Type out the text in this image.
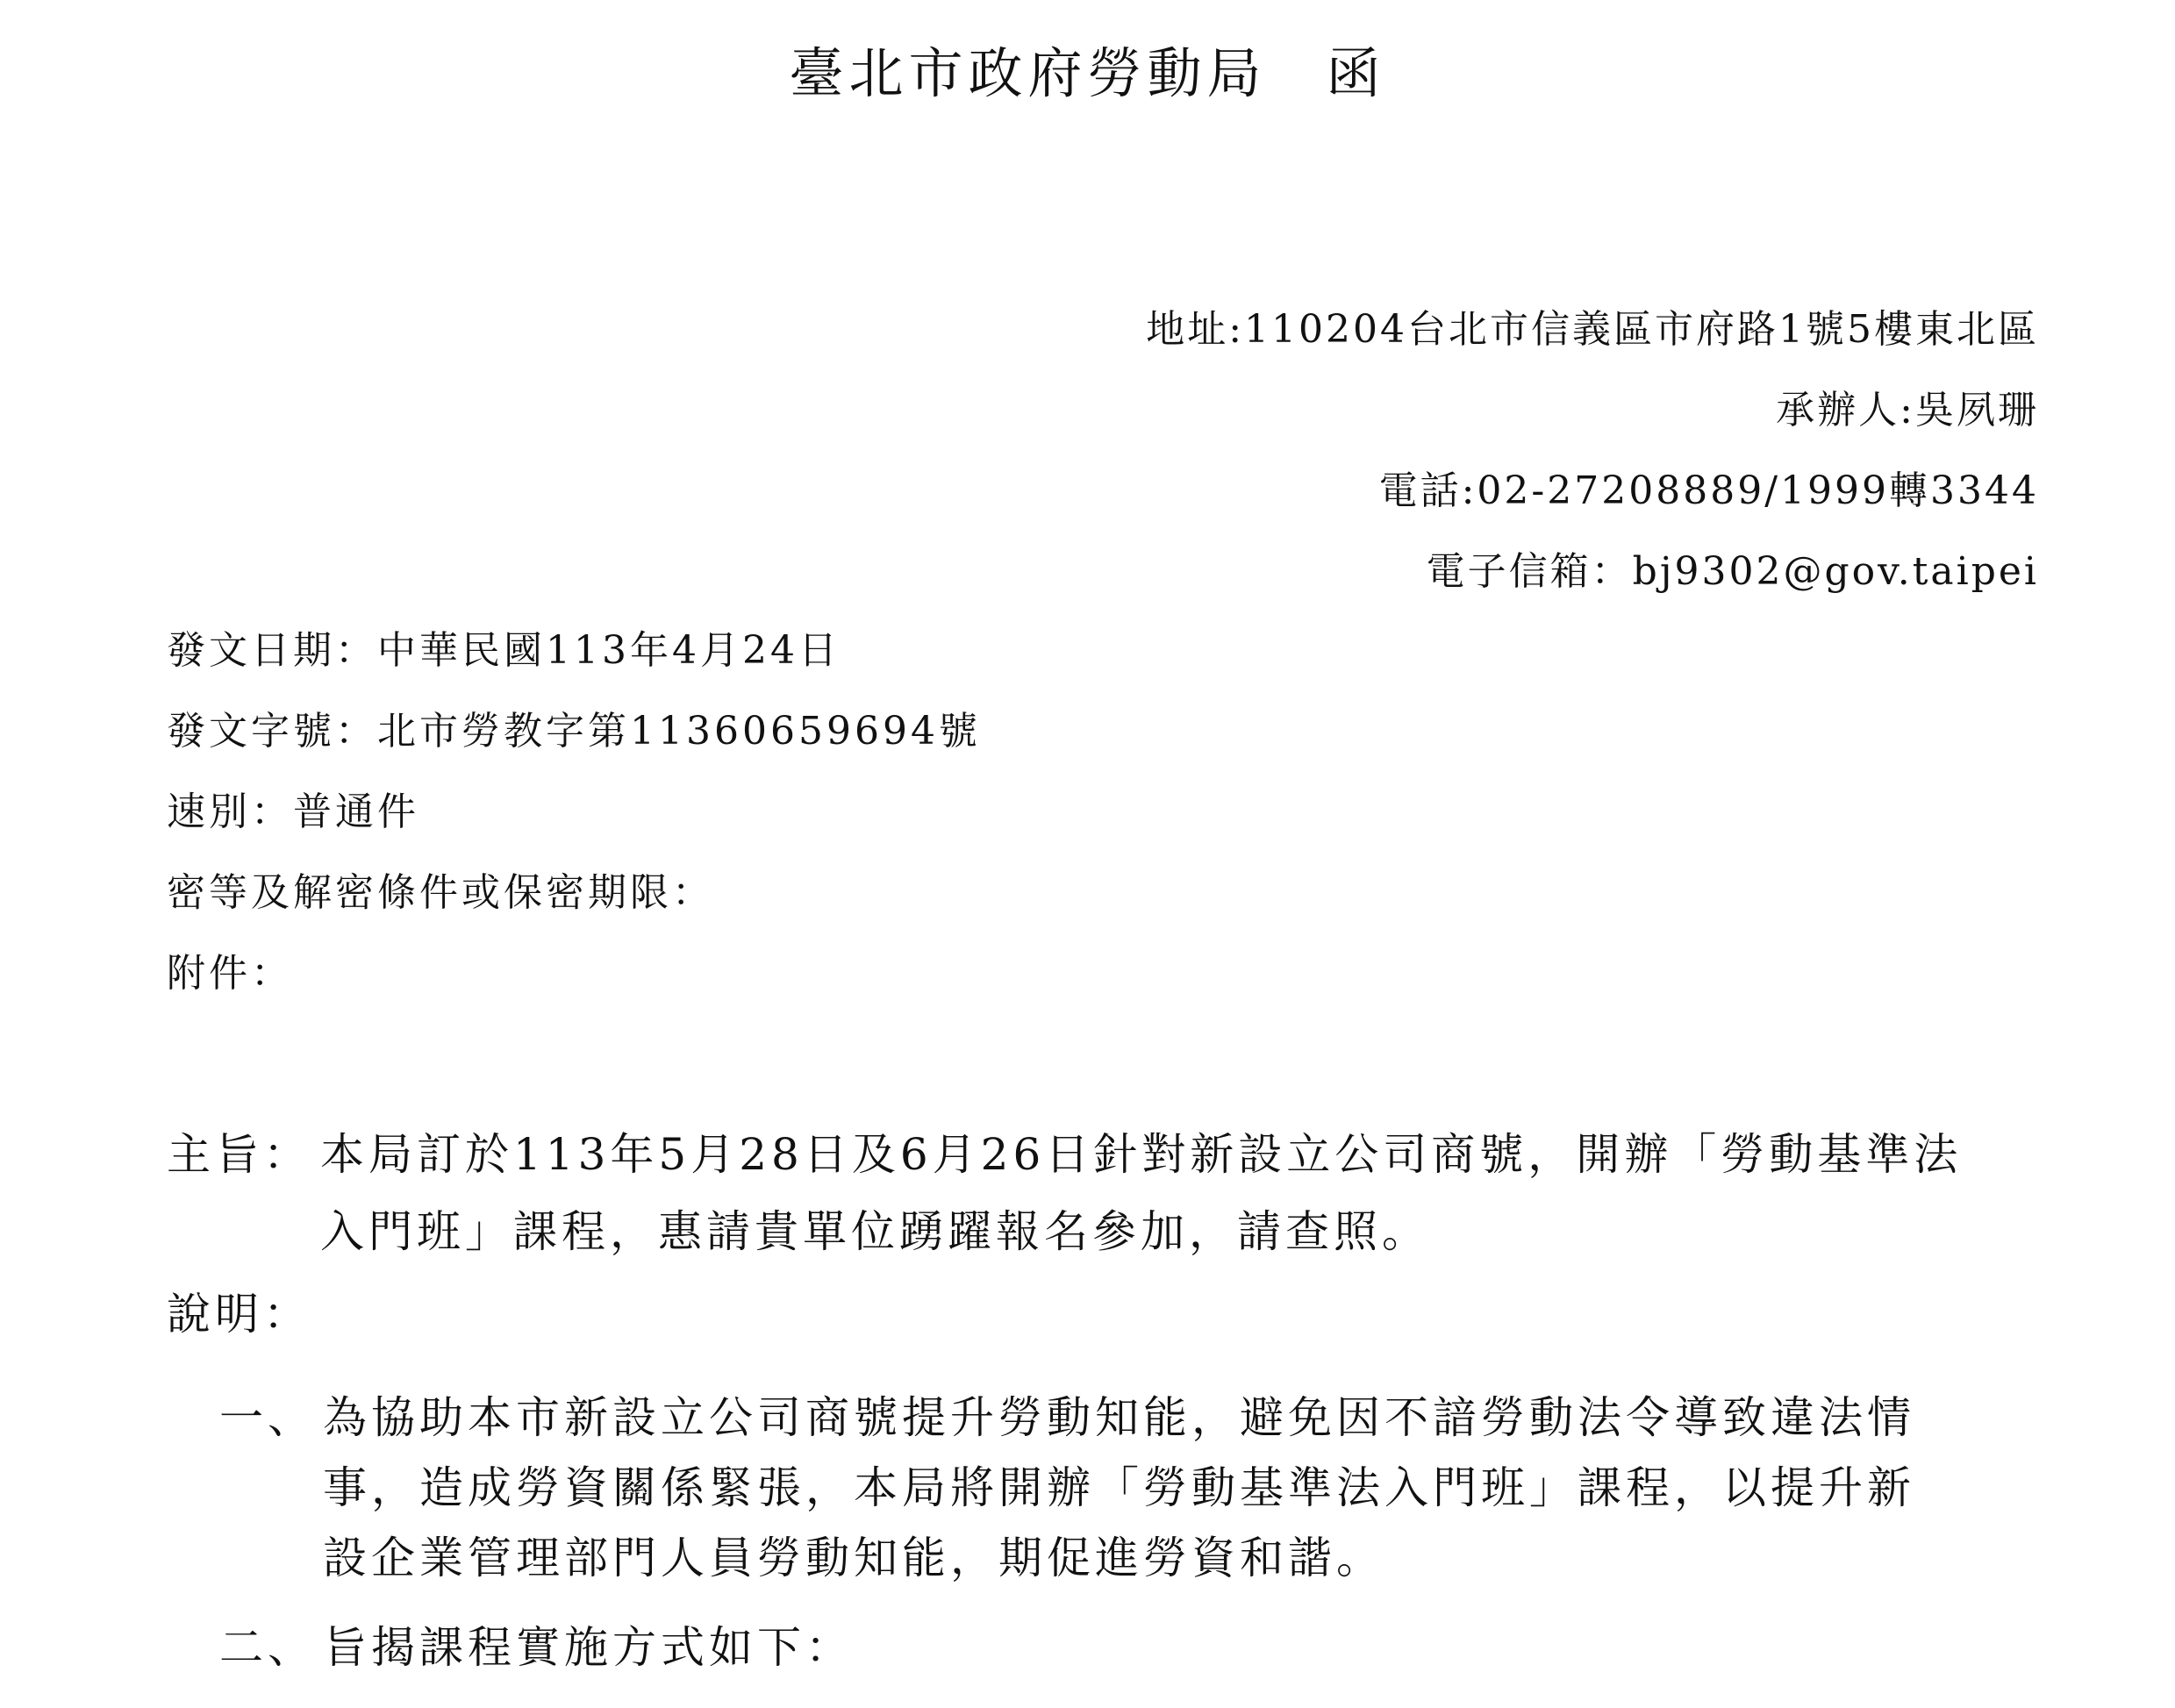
臺北市政府勞動局　函
地址:110204台北市信義區市府路1號5樓東北區
承辦人:吳夙珊
電話:02-27208889/1999轉3344
電子信箱：bj9302@gov.taipei
發文日期：中華民國113年4月24日
發文字號：北市勞教字第11360659694號
速別：普通件
密等及解密條件或保密期限：
附件：
主旨： 本局訂於113年5月28日及6月26日針對新設立公司商號，開辦「勞動基準法
入門班」課程，惠請貴單位踴躍報名參加，請查照。
說明：
一、 為協助本市新設立公司商號提升勞動知能，避免因不諳勞動法令導致違法情
事，造成勞資關係緊張，本局將開辦「勞動基準法入門班」課程，以提升新
設企業管理部門人員勞動知能，期促進勞資和諧。
二、 旨揭課程實施方式如下：
